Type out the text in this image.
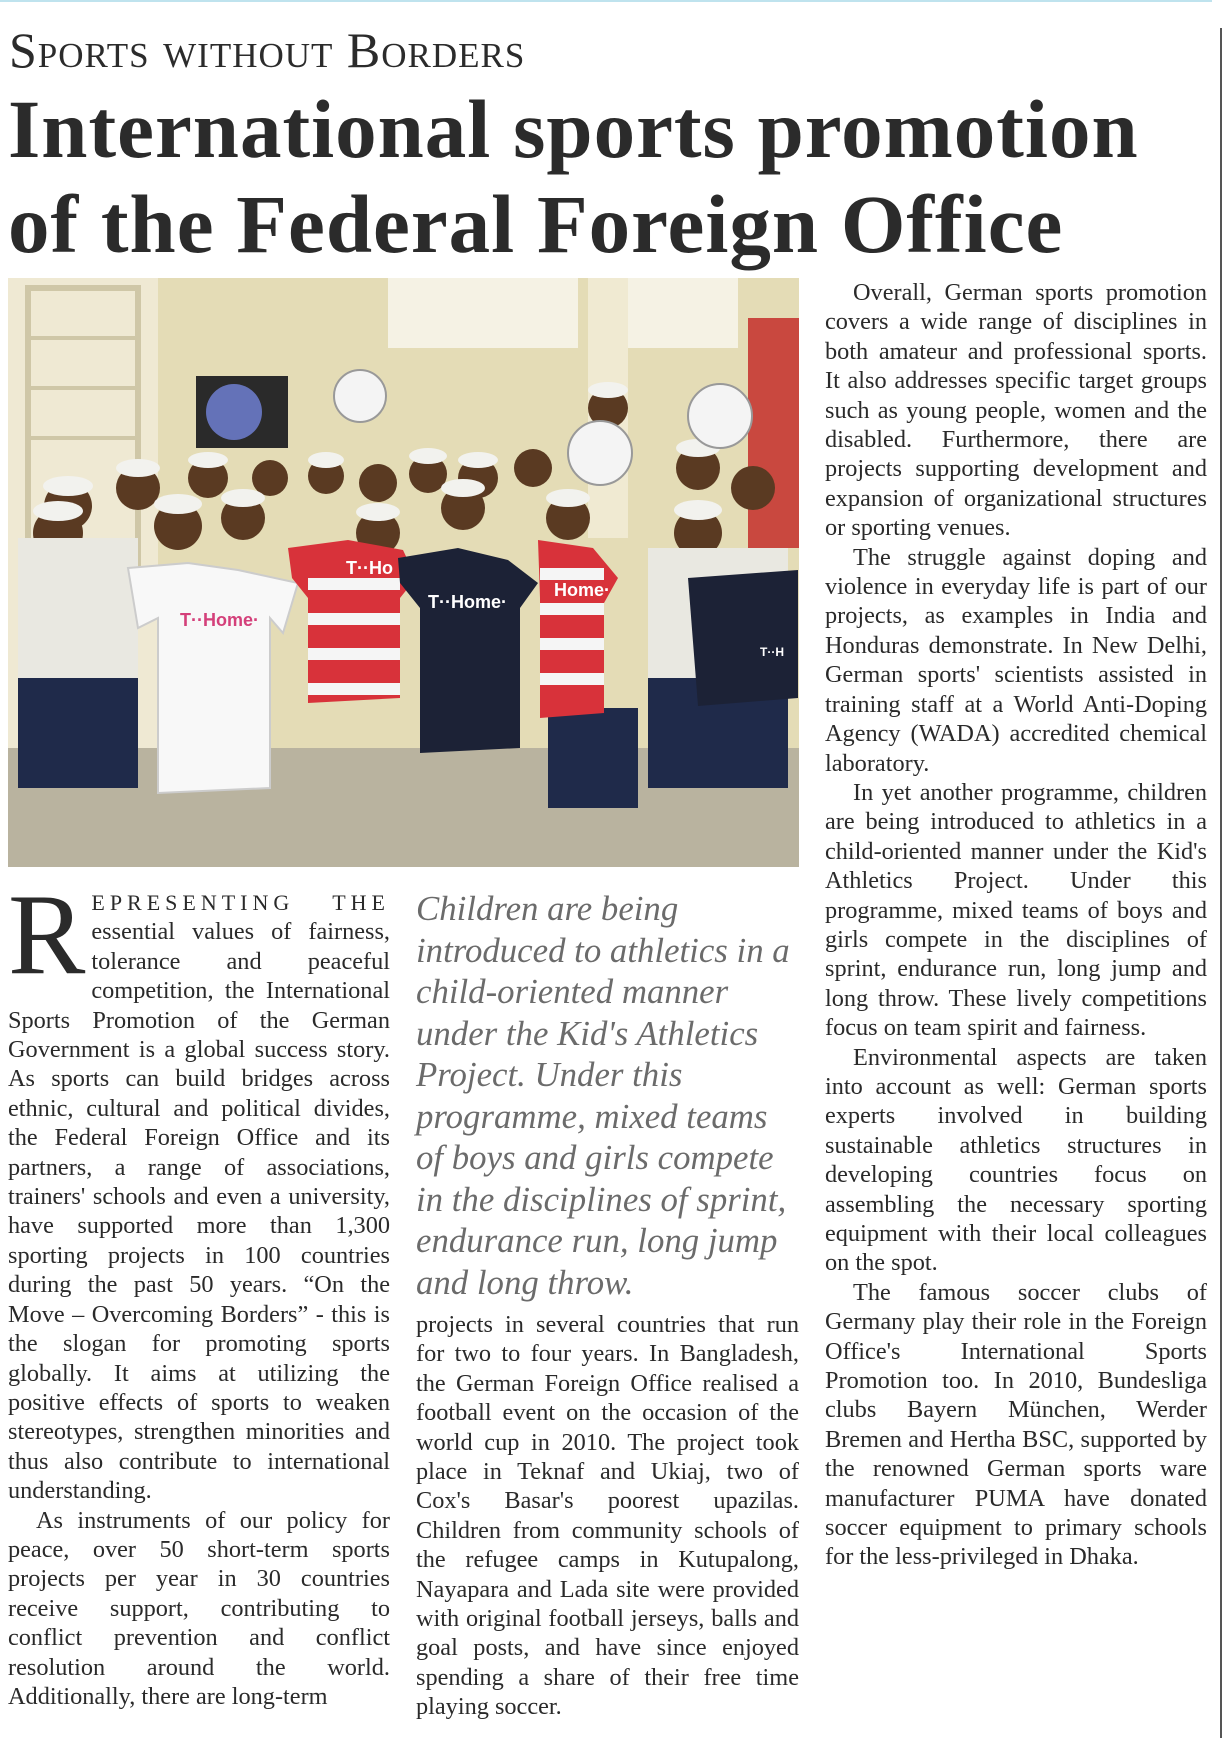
Sports without Borders
International sports promotion of the Federal Foreign Office
T··Home·
T··Ho
T··Home·
Home·
T··H

REPRESENTING THE essential values of fairness, tolerance and peaceful competition, the International Sports Promotion of the German Government is a global success story. As sports can build bridges across ethnic, cultural and political divides, the Federal Foreign Office and its partners, a range of associations, trainers' schools and even a university, have supported more than 1,300 sporting projects in 100 countries during the past 50 years. “On the Move – Overcoming Borders” - this is the slogan for promoting sports globally. It aims at utilizing the positive effects of sports to weaken stereotypes, strengthen minorities and thus also contribute to international understanding.

As instruments of our policy for peace, over 50 short-term sports projects per year in 30 countries receive support, contributing to conflict prevention and conflict resolution around the world. Additionally, there are long-term

Children are being introduced to athletics in a child-oriented manner under the Kid's Athletics Project. Under this programme, mixed teams of boys and girls compete in the disciplines of sprint, endurance run, long jump and long throw.

projects in several countries that run for two to four years. In Bangladesh, the German Foreign Office realised a football event on the occasion of the world cup in 2010. The project took place in Teknaf and Ukiaj, two of Cox's Basar's poorest upazilas. Children from community schools of the refugee camps in Kutupalong, Nayapara and Lada site were provided with original football jerseys, balls and goal posts, and have since enjoyed spending a share of their free time playing soccer.

Overall, German sports promotion covers a wide range of disciplines in both amateur and professional sports. It also addresses specific target groups such as young people, women and the disabled. Furthermore, there are projects supporting development and expansion of organizational structures or sporting venues.

The struggle against doping and violence in everyday life is part of our projects, as examples in India and Honduras demonstrate. In New Delhi, German sports' scientists assisted in training staff at a World Anti-Doping Agency (WADA) accredited chemical laboratory.

In yet another programme, children are being introduced to athletics in a child-oriented manner under the Kid's Athletics Project. Under this programme, mixed teams of boys and girls compete in the disciplines of sprint, endurance run, long jump and long throw. These lively competitions focus on team spirit and fairness.

Environmental aspects are taken into account as well: German sports experts involved in building sustainable athletics structures in developing countries focus on assembling the necessary sporting equipment with their local colleagues on the spot.

The famous soccer clubs of Germany play their role in the Foreign Office's International Sports Promotion too. In 2010, Bundesliga clubs Bayern München, Werder Bremen and Hertha BSC, supported by the renowned German sports ware manufacturer PUMA have donated soccer equipment to primary schools for the less-privileged in Dhaka.
